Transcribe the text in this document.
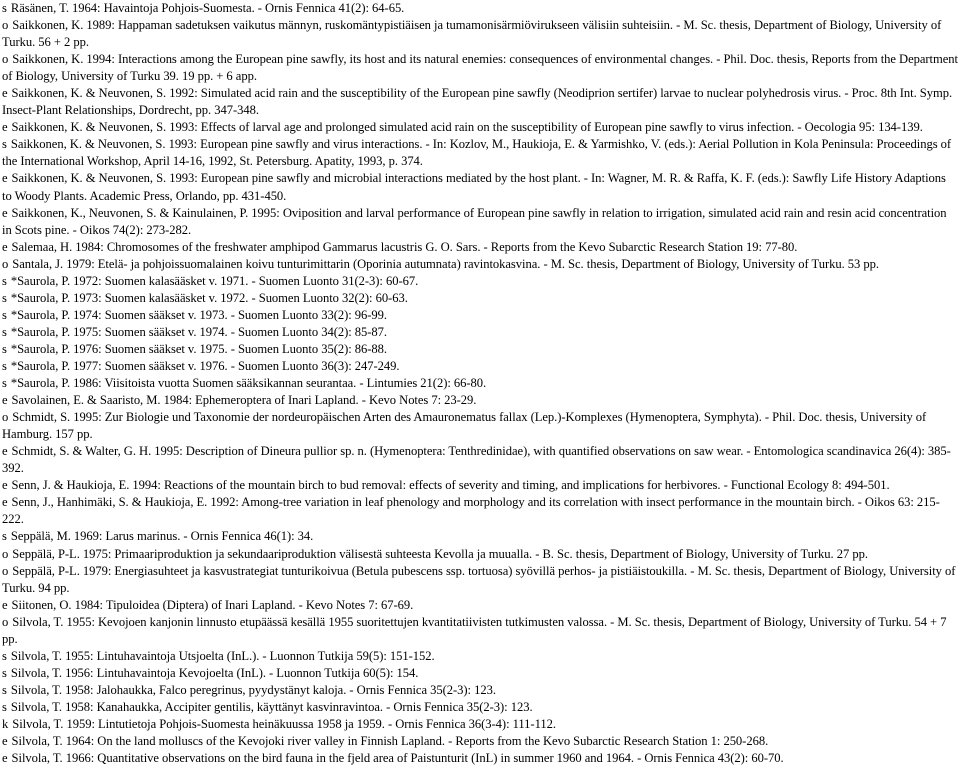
s Räsänen, T. 1964: Havaintoja Pohjois-Suomesta. - Ornis Fennica 41(2): 64-65.

o Saikkonen, K. 1989: Happaman sadetuksen vaikutus männyn, ruskomäntypistiäisen ja tumamonisärmiövirukseen välisiin suhteisiin. - M. Sc. thesis, Department of Biology, University of Turku. 56 + 2 pp.

o Saikkonen, K. 1994: Interactions among the European pine sawfly, its host and its natural enemies: consequences of environmental changes. - Phil. Doc. thesis, Reports from the Department of Biology, University of Turku 39. 19 pp. + 6 app.

e Saikkonen, K. & Neuvonen, S. 1992: Simulated acid rain and the susceptibility of the European pine sawfly (Neodiprion sertifer) larvae to nuclear polyhedrosis virus. - Proc. 8th Int. Symp. Insect-Plant Relationships, Dordrecht, pp. 347-348.

e Saikkonen, K. & Neuvonen, S. 1993: Effects of larval age and prolonged simulated acid rain on the susceptibility of European pine sawfly to virus infection. - Oecologia 95: 134-139.

s Saikkonen, K. & Neuvonen, S. 1993: European pine sawfly and virus interactions. - In: Kozlov, M., Haukioja, E. & Yarmishko, V. (eds.): Aerial Pollution in Kola Peninsula: Proceedings of the International Workshop, April 14-16, 1992, St. Petersburg. Apatity, 1993, p. 374.

e Saikkonen, K. & Neuvonen, S. 1993: European pine sawfly and microbial interactions mediated by the host plant. - In: Wagner, M. R. & Raffa, K. F. (eds.): Sawfly Life History Adaptions to Woody Plants. Academic Press, Orlando, pp. 431-450.

e Saikkonen, K., Neuvonen, S. & Kainulainen, P. 1995: Oviposition and larval performance of European pine sawfly in relation to irrigation, simulated acid rain and resin acid concentration in Scots pine. - Oikos 74(2): 273-282.

e Salemaa, H. 1984: Chromosomes of the freshwater amphipod Gammarus lacustris G. O. Sars. - Reports from the Kevo Subarctic Research Station 19: 77-80.

o Santala, J. 1979: Etelä- ja pohjoissuomalainen koivu tunturimittarin (Oporinia autumnata) ravintokasvina. - M. Sc. thesis, Department of Biology, University of Turku. 53 pp.

s *Saurola, P. 1972: Suomen kalasääsket v. 1971. - Suomen Luonto 31(2-3): 60-67.

s *Saurola, P. 1973: Suomen kalasääsket v. 1972. - Suomen Luonto 32(2): 60-63.

s *Saurola, P. 1974: Suomen sääkset v. 1973. - Suomen Luonto 33(2): 96-99.

s *Saurola, P. 1975: Suomen sääkset v. 1974. - Suomen Luonto 34(2): 85-87.

s *Saurola, P. 1976: Suomen sääkset v. 1975. - Suomen Luonto 35(2): 86-88.

s *Saurola, P. 1977: Suomen sääkset v. 1976. - Suomen Luonto 36(3): 247-249.

s *Saurola, P. 1986: Viisitoista vuotta Suomen sääksikannan seurantaa. - Lintumies 21(2): 66-80.

e Savolainen, E. & Saaristo, M. 1984: Ephemeroptera of Inari Lapland. - Kevo Notes 7: 23-29.

o Schmidt, S. 1995: Zur Biologie und Taxonomie der nordeuropäischen Arten des Amauronematus fallax (Lep.)-Komplexes (Hymenoptera, Symphyta). - Phil. Doc. thesis, University of Hamburg. 157 pp.

e Schmidt, S. & Walter, G. H. 1995: Description of Dineura pullior sp. n. (Hymenoptera: Tenthredinidae), with quantified observations on saw wear. - Entomologica scandinavica 26(4): 385-392.

e Senn, J. & Haukioja, E. 1994: Reactions of the mountain birch to bud removal: effects of severity and timing, and implications for herbivores. - Functional Ecology 8: 494-501.

e Senn, J., Hanhimäki, S. & Haukioja, E. 1992: Among-tree variation in leaf phenology and morphology and its correlation with insect performance in the mountain birch. - Oikos 63: 215-222.

s Seppälä, M. 1969: Larus marinus. - Ornis Fennica 46(1): 34.

o Seppälä, P-L. 1975: Primaariproduktion ja sekundaariproduktion välisestä suhteesta Kevolla ja muualla. - B. Sc. thesis, Department of Biology, University of Turku. 27 pp.

o Seppälä, P-L. 1979: Energiasuhteet ja kasvustrategiat tunturikoivua (Betula pubescens ssp. tortuosa) syövillä perhos- ja pistiäistoukilla. - M. Sc. thesis, Department of Biology, University of Turku. 94 pp.

e Siitonen, O. 1984: Tipuloidea (Diptera) of Inari Lapland. - Kevo Notes 7: 67-69.

o Silvola, T. 1955: Kevojoen kanjonin linnusto etupäässä kesällä 1955 suoritettujen kvantitatiivisten tutkimusten valossa. - M. Sc. thesis, Department of Biology, University of Turku. 54 + 7 pp.

s Silvola, T. 1955: Lintuhavaintoja Utsjoelta (InL.). - Luonnon Tutkija 59(5): 151-152.

s Silvola, T. 1956: Lintuhavaintoja Kevojoelta (InL). - Luonnon Tutkija 60(5): 154.

s Silvola, T. 1958: Jalohaukka, Falco peregrinus, pyydystänyt kaloja. - Ornis Fennica 35(2-3): 123.

s Silvola, T. 1958: Kanahaukka, Accipiter gentilis, käyttänyt kasvinravintoa. - Ornis Fennica 35(2-3): 123.

k Silvola, T. 1959: Lintutietoja Pohjois-Suomesta heinäkuussa 1958 ja 1959. - Ornis Fennica 36(3-4): 111-112.

e Silvola, T. 1964: On the land molluscs of the Kevojoki river valley in Finnish Lapland. - Reports from the Kevo Subarctic Research Station 1: 250-268.

e Silvola, T. 1966: Quantitative observations on the bird fauna in the fjeld area of Paistunturit (InL) in summer 1960 and 1964. - Ornis Fennica 43(2): 60-70.
